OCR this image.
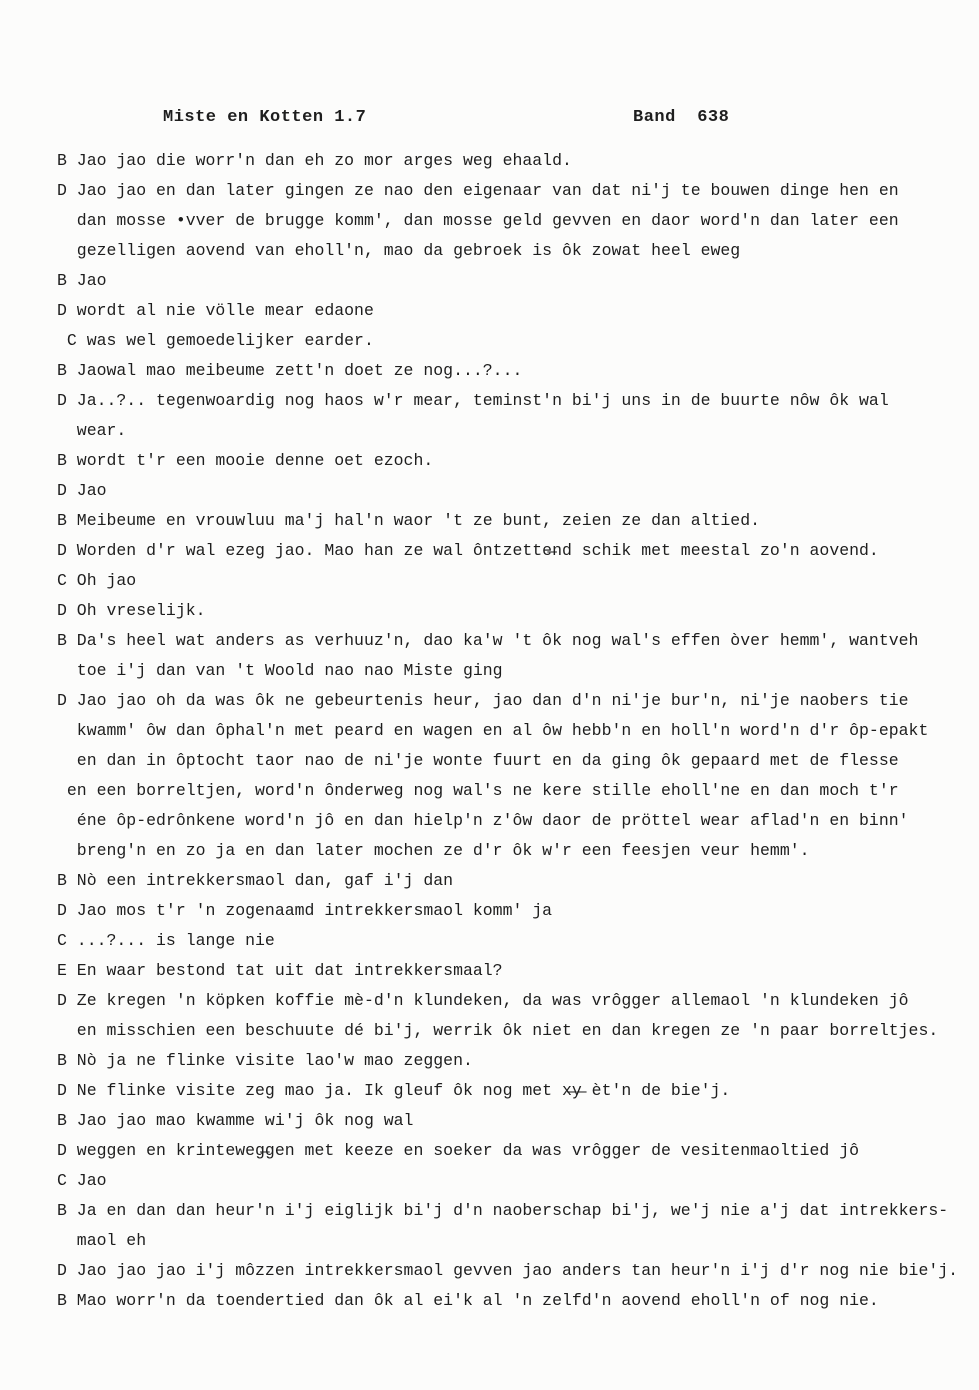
Miste en Kotten 1.7

	Band  638

B Jao jao die worr'n dan eh zo mor arges weg ehaald.
D Jao jao en dan later gingen ze nao den eigenaar van dat ni'j te bouwen dinge hen en
dan mosse •vver de brugge komm', dan mosse geld gevven en daor word'n dan later een
gezelligen aovend van eholl'n, mao da gebroek is ôk zowat heel eweg
B Jao
D wordt al nie völle mear edaone
C was wel gemoedelijker earder.
B Jaowal mao meibeume zett'n doet ze nog...?...
D Ja..?.. tegenwoardig nog haos w'r mear, teminst'n bi'j uns in de buurte nôw ôk wal
wear.
B wordt t'r een mooie denne oet ezoch.
D Jao
B Meibeume en vrouwluu ma'j hal'n waor 't ze bunt, zeien ze dan altied.
D Worden d'r wal ezeg jao. Mao han ze wal ôntzette̶nd schik met meestal zo'n aovend.
C Oh jao
D Oh vreselijk.
B Da's heel wat anders as verhuuz'n, dao ka'w 't ôk nog wal's effen òver hemm', wantveh
toe i'j dan van 't Woold nao nao Miste ging
D Jao jao oh da was ôk ne gebeurtenis heur, jao dan d'n ni'je bur'n, ni'je naobers tie
kwamm' ôw dan ôphal'n met peard en wagen en al ôw hebb'n en holl'n word'n d'r ôp-epakt
en dan in ôptocht taor nao de ni'je wonte fuurt en da ging ôk gepaard met de flesse
en een borreltjen, word'n ônderweg nog wal's ne kere stille eholl'ne en dan moch t'r
éne ôp-edrônkene word'n jô en dan hielp'n z'ôw daor de pröttel wear aflad'n en binn'
breng'n en zo ja en dan later mochen ze d'r ôk w'r een feesjen veur hemm'.
B Nò een intrekkersmaol dan, gaf i'j dan
D Jao mos t'r 'n zogenaamd intrekkersmaol komm' ja
C ...?... is lange nie
E En waar bestond tat uit dat intrekkersmaal?
D Ze kregen 'n köpken koffie mè-d'n klundeken, da was vrôgger allemaol 'n klundeken jô
en misschien een beschuute dé bi'j, werrik ôk niet en dan kregen ze 'n paar borreltjes.
B Nò ja ne flinke visite lao'w mao zeggen.
D Ne flinke visite zeg mao ja. Ik gleuf ôk nog met x̶y̶ èt'n de bie'j.
B Jao jao mao kwamme wi'j ôk nog wal
D weggen en krinteweg̶gen met keeze en soeker da was vrôgger de vesitenmaoltied jô
C Jao
B Ja en dan dan heur'n i'j eiglijk bi'j d'n naoberschap bi'j, we'j nie a'j dat intrekkers-
maol eh
D Jao jao jao i'j môzzen intrekkersmaol gevven jao anders tan heur'n i'j d'r nog nie bie'j.
B Mao worr'n da toendertied dan ôk al ei'k al 'n zelfd'n aovend eholl'n of nog nie.
